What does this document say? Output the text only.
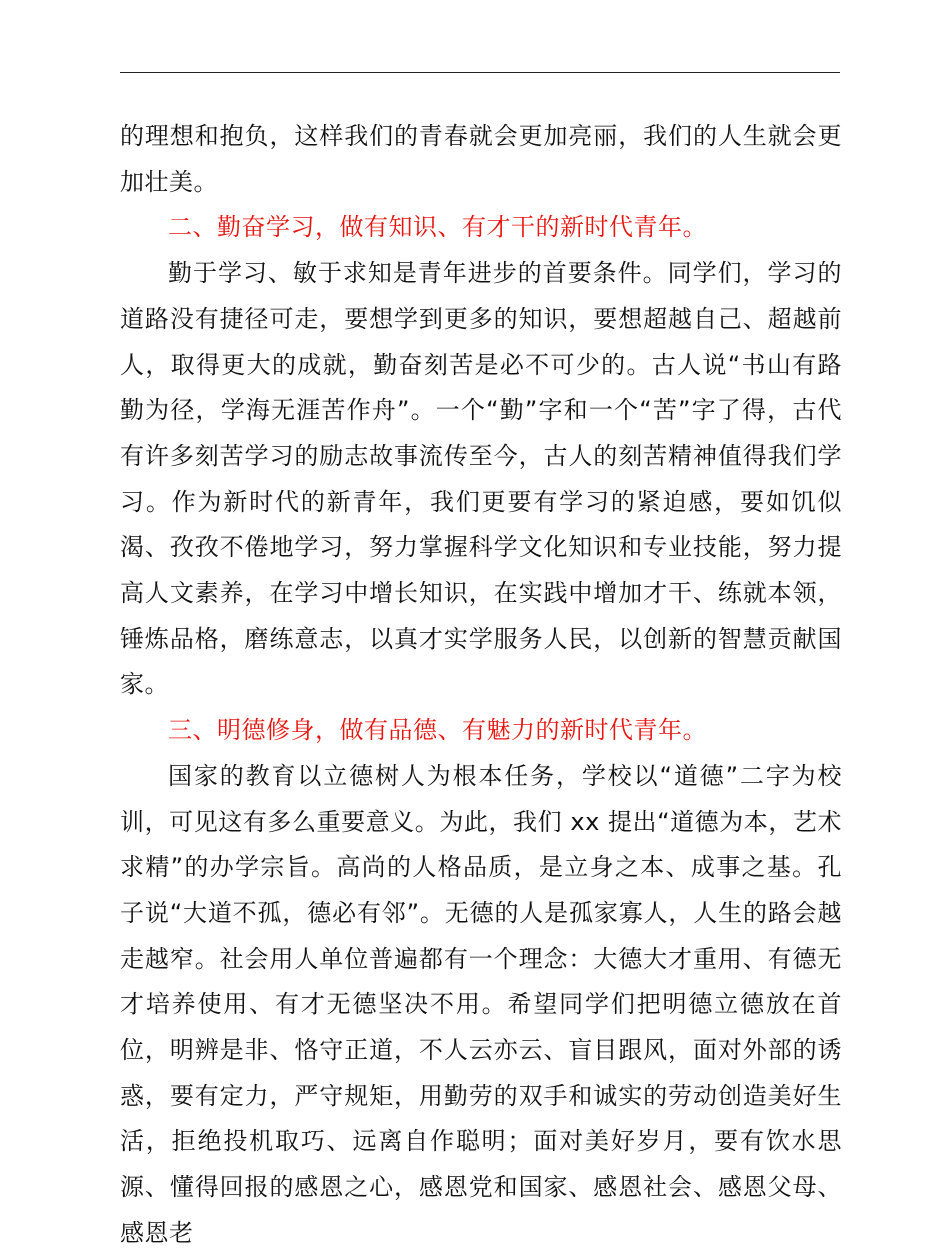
的理想和抱负，这样我们的青春就会更加亮丽，我们的人生就会更加壮美。

二、勤奋学习，做有知识、有才干的新时代青年。

勤于学习、敏于求知是青年进步的首要条件。同学们，学习的道路没有捷径可走，要想学到更多的知识，要想超越自己、超越前人，取得更大的成就，勤奋刻苦是必不可少的。古人说“书山有路勤为径，学海无涯苦作舟”。一个“勤”字和一个“苦”字了得，古代有许多刻苦学习的励志故事流传至今，古人的刻苦精神值得我们学习。作为新时代的新青年，我们更要有学习的紧迫感，要如饥似渴、孜孜不倦地学习，努力掌握科学文化知识和专业技能，努力提高人文素养，在学习中增长知识，在实践中增加才干、练就本领，锤炼品格，磨练意志，以真才实学服务人民，以创新的智慧贡献国家。

三、明德修身，做有品德、有魅力的新时代青年。

国家的教育以立德树人为根本任务，学校以“道德”二字为校训，可见这有多么重要意义。为此，我们 xx 提出“道德为本，艺术求精”的办学宗旨。高尚的人格品质，是立身之本、成事之基。孔子说“大道不孤，德必有邻”。无德的人是孤家寡人，人生的路会越走越窄。社会用人单位普遍都有一个理念：大德大才重用、有德无才培养使用、有才无德坚决不用。希望同学们把明德立德放在首位，明辨是非、恪守正道，不人云亦云、盲目跟风，面对外部的诱惑，要有定力，严守规矩，用勤劳的双手和诚实的劳动创造美好生活，拒绝投机取巧、远离自作聪明；面对美好岁月，要有饮水思源、懂得回报的感恩之心，感恩党和国家、感恩社会、感恩父母、感恩老
